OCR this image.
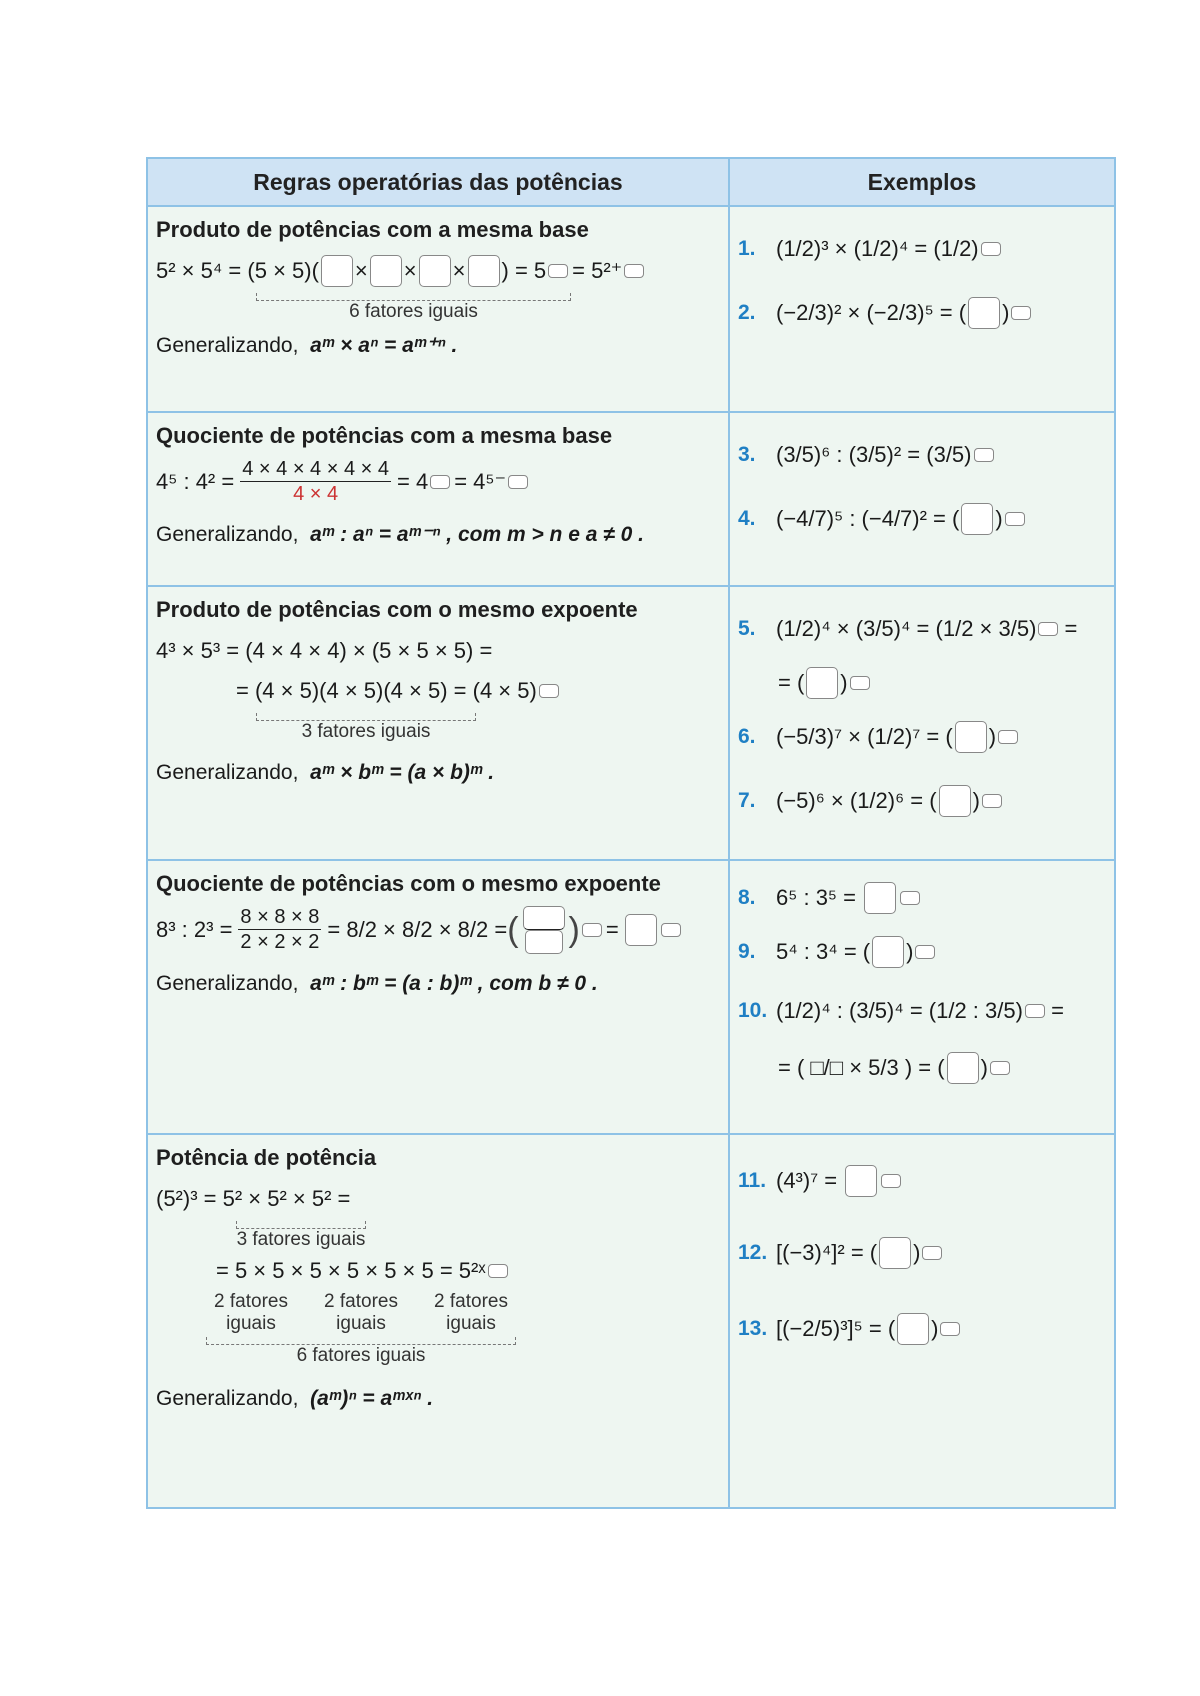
Regras operatórias das potências	Exemplos
Produto de potências com a mesma base
5² × 5⁴ = (5 × 5)( × × × ) = 5 = 5²⁺
6 fatores iguais
Generalizando, aᵐ × aⁿ = aᵐ⁺ⁿ .
1. (1/2)³ × (1/2)⁴ = (1/2)
2. (−2/3)² × (−2/3)⁵ = ( )
Quociente de potências com a mesma base
4⁵ : $4^2 = \frac{4 \times 4 \times 4 \times 4 \times 4}{4 \times 4} = 4 = 4^{5-}$
Generalizando, aᵐ : aⁿ = aᵐ⁻ⁿ , com m > n e a ≠ 0 .
3. (3/5)⁶ : (3/5)² = (3/5)
4. (−4/7)⁵ : (−4/7)² = ( )
Produto de potências com o mesmo expoente
4³ × 5³ = (4 × 4 × 4) × (5 × 5 × 5) =
= (4 × 5)(4 × 5)(4 × 5) = (4 × 5)
3 fatores iguais
Generalizando, aᵐ × bᵐ = (a × b)ᵐ .
5. (1/2)⁴ × (3/5)⁴ = (1/2 × 3/5) =
= ( )
6. (−5/3)⁷ × (1/2)⁷ = ( )
7. (−5)⁶ × (1/2)⁶ = ( )
Quociente de potências com o mesmo expoente
8³ : $2^3 = \frac{8 \times 8 \times 8}{2 \times 2 \times 2} = 8/2 \times 8/2 \times 8/2$ = ( ) =
Generalizando, aᵐ : bᵐ = (a : b)ᵐ , com b ≠ 0 .
8. 6⁵ : 3⁵ =

9. 5⁴ : 3⁴ = ( )
10. (1/2)⁴ : (3/5)⁴ = (1/2 : 3/5) =
= ( □/□ × 5/3 ) = ( )
Potência de potência
(5²)³ = 5² × 5² × 5² =
3 fatores iguais
= 5 × 5 × 5 × 5 × 5 × 5 = 5²ˣ
2 fatores iguais
2 fatores iguais
2 fatores iguais
6 fatores iguais
Generalizando, (aᵐ)ⁿ = aᵐˣⁿ .
11. (4³)⁷ =

12. [(−3)⁴]² = ( )
13. [(−2/5)³]⁵ = ( )
